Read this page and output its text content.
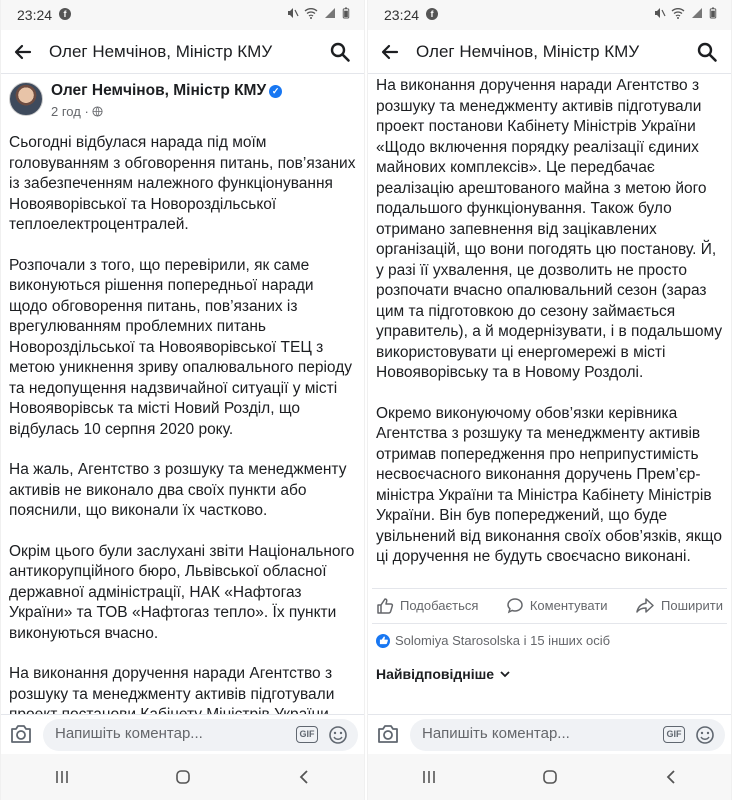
23:24	f
Олег Немчінов, Міністр КМУ
Олег Немчінов, Міністр КМУ ✓
2 год ·

Сьогодні відбулася нарада під моїм головуванням з обговорення питань, пов’язаних із забезпеченням належного функціонування Новояворівської та Новороздільської теплоелектроцентралей.

Розпочали з того, що перевірили, як саме виконуються рішення попередньої наради щодо обговорення питань, пов’язаних із врегулюванням проблемних питань Новороздільської та Новояворівської ТЕЦ з метою уникнення зриву опалювального періоду та недопущення надзвичайної ситуації у місті Новояворівськ та місті Новий Розділ, що відбулась 10 серпня 2020 року.

На жаль, Агентство з розшуку та менеджменту активів не виконало два своїх пункти або пояснили, що виконали їх частково.

Окрім цього були заслухані звіти Національного антикорупційного бюро, Львівської обласної державної адміністрації, НАК «Нафтогаз України» та ТОВ «Нафтогаз тепло». Їх пункти виконуються вчасно.

На виконання доручення наради Агентство з розшуку та менеджменту активів підготували

Напишіть коментар...
GIF
23:24	f
Олег Немчінов, Міністр КМУ

На виконання доручення наради Агентство з розшуку та менеджменту активів підготували проект постанови Кабінету Міністрів України «Щодо включення порядку реалізації єдиних майнових комплексів». Це передбачає реалізацію арештованого майна з метою його подальшого функціонування. Також було отримано запевнення від зацікавлених організацій, що вони погодять цю постанову. Й, у разі її ухвалення, це дозволить не просто розпочати вчасно опалювальний сезон (зараз цим та підготовкою до сезону займається управитель), а й модернізувати, і в подальшому використовувати ці енергомережі в місті Новояворівську та в Новому Роздолі.

Окремо виконуючому обов’язки керівника Агентства з розшуку та менеджменту активів отримав попередження про неприпустимість несвоєчасного виконання доручень Прем’єр-міністра України та Міністра Кабінету Міністрів України. Він був попереджений, що буде увільнений від виконання своїх обов’язків, якщо ці доручення не будуть своєчасно виконані.

Подобається	Коментувати	Поширити
Solomiya Starosolska і 15 інших осіб
Найвідповідніше
Напишіть коментар...
GIF
